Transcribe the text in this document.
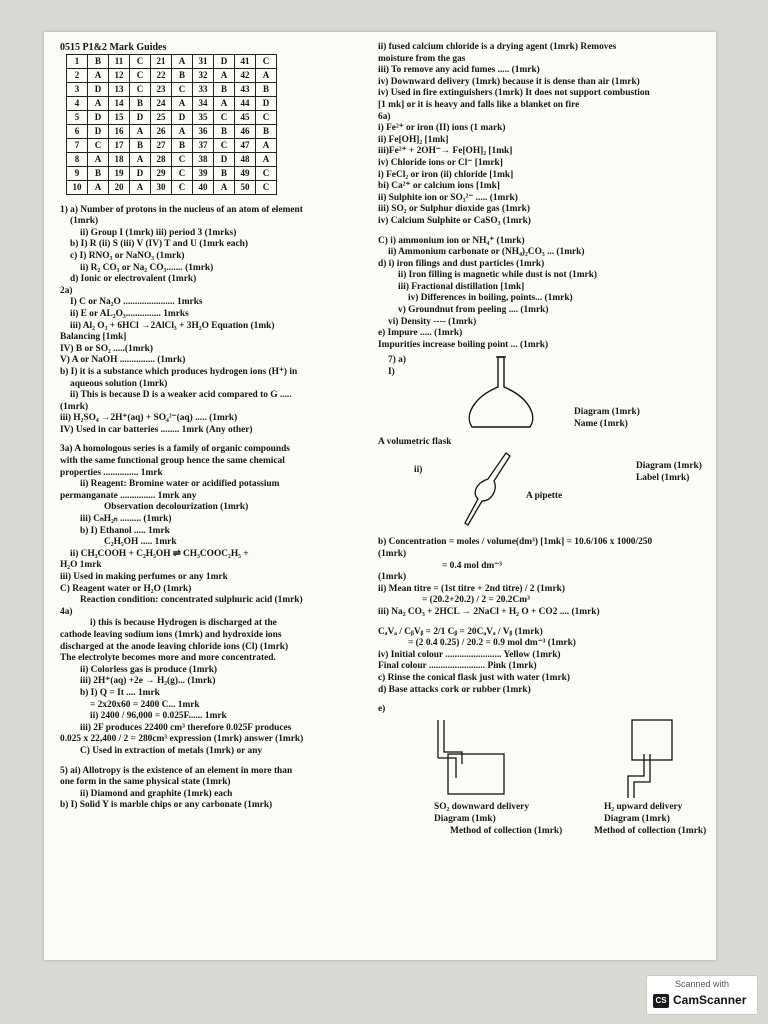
0515 P1&2 Mark Guides

1	B	11	C	21	A	31	D	41	C
2	A	12	C	22	B	32	A	42	A
3	D	13	C	23	C	33	B	43	B
4	A	14	B	24	A	34	A	44	D
5	D	15	D	25	D	35	C	45	C
6	D	16	A	26	A	36	B	46	B
7	C	17	B	27	B	37	C	47	A
8	A	18	A	28	C	38	D	48	A
9	B	19	D	29	C	39	B	49	C
10	A	20	A	30	C	40	A	50	C

1) a) Number of protons in the nucleus of an atom of element

(1mrk)

ii) Group I (1mrk) iii) period 3 (1mrks)

b) I) R (ii) S (iii) V (IV) T and U (1mrk each)

c) I) RNO₃ or NaNO₃ (1mrk)

ii) R₂ CO₃ or Na₂ CO₃....... (1mrk)

d) Ionic or electrovalent (1mrk)

2a)

I) C or Na₂O ...................... 1mrks

ii) E or AL₂O₃............... 1mrks

iii) Al₂ O₃ + 6HCl →2AlCl₃ + 3H₂O Equation (1mk)

Balancing [1mk]

IV) B or SO₂ .....(1mrk)

V) A or NaOH ............... (1mrk)

b) I) it is a substance which produces hydrogen ions (H⁺) in

aqueous solution (1mrk)

ii) This is because D is a weaker acid compared to G .....

(1mrk)

iii) H₂SO₄ →2H⁺(aq) + SO₄²⁻(aq) ..... (1mrk)

IV) Used in car batteries ........ 1mrk (Any other)

3a) A homologous series is a family of organic compounds

with the same functional group hence the same chemical

properties ............... 1mrk

ii) Reagent: Bromine water or acidified potassium

permanganate ............... 1mrk any

Observation decolourization (1mrk)

iii) CₙH₂ₙ ......... (1mrk)

b) I) Ethanol ..... 1mrk

C₂H₅OH ..... 1mrk

ii) CH₃COOH + C₂H₅OH ⇌ CH₃COOC₂H₅ +

H₂O 1mrk

iii) Used in making perfumes or any 1mrk

C) Reagent water or H₂O (1mrk)

Reaction condition: concentrated sulphuric acid (1mrk)

4a)

i) this is because Hydrogen is discharged at the

cathode leaving sodium ions (1mrk) and hydroxide ions

discharged at the anode leaving chloride ions (Cl) (1mrk)

The electrolyte becomes more and more concentrated.

ii) Colorless gas is produce (1mrk)

iii) 2H⁺(aq) +2e → H₂(g)... (1mrk)

b) I) Q = It .... 1mrk

= 2x20x60 = 2400 C... 1mrk

ii) 2400 / 96,000 = 0.025F...... 1mrk

iii) 2F produces 22400 cm³ therefore 0.025F produces

0.025 x 22,400 / 2 = 280cm³ expression (1mrk) answer (1mrk)

C) Used in extraction of metals (1mrk) or any

5) ai) Allotropy is the existence of an element in more than

one form in the same physical state (1mrk)

ii) Diamond and graphite (1mrk) each

b) I) Solid Y is marble chips or any carbonate (1mrk)

ii) fused calcium chloride is a drying agent (1mrk) Removes

moisture from the gas

iii) To remove any acid fumes ..... (1mrk)

iv) Downward delivery (1mrk) because it is dense than air (1mrk)

iv) Used in fire extinguishers (1mrk) It does not support combustion

[1 mk] or it is heavy and falls like a blanket on fire

6a)

i) Fe²⁺ or iron (II) ions (1 mark)

ii) Fe[OH]₂ [1mk]

iii)Fe²⁺ + 2OH⁻→ Fe[OH]₂ [1mk]

iv) Chloride ions or Cl⁻ [1mrk]

i) FeCl₂ or iron (ii) chloride [1mk]

bi) Ca²⁺ or calcium ions [1mk]

ii) Sulphite ion or SO₃²⁻ ..... (1mrk)

iii) SO₂ or Sulphur dioxide gas (1mrk)

iv) Calcium Sulphite or CaSO₃ (1mrk)

C) i) ammonium ion or NH₄⁺ (1mrk)

ii) Ammonium carbonate or (NH₄)₂CO₃ ... (1mrk)

d) i) iron filings and dust particles (1mrk)

ii) Iron filling is magnetic while dust is not (1mrk)

iii) Fractional distillation [1mk]

iv) Differences in boiling, points... (1mrk)

v) Groundnut from peeling .... (1mrk)

vi) Density ---- (1mrk)

e) Impure ..... (1mrk)

Impurities increase boiling point ... (1mrk)

7) a)

I)

A volumetric flask

Diagram (1mrk)

Name (1mrk)

ii)

A pipette

Diagram (1mrk)

Label (1mrk)

b) Concentration = moles / volume(dm³) [1mk] = 10.6/106 x 1000/250

(1mrk)

= 0.4 mol dm⁻³

(1mrk)

ii) Mean titre = (1st titre + 2nd titre) / 2 (1mrk)

= (20.2+20.2) / 2 = 20.2Cm³

iii) Na₂ CO₃ + 2HCL → 2NaCl + H₂ O + CO2 .... (1mrk)

CₐVₐ / CᵦVᵦ = 2/1 Cᵦ = 20CₐVₐ / Vᵦ (1mrk)

= (2 0.4 0.25) / 20.2 = 0.9 mol dm⁻³ (1mrk)

iv) Initial colour ........................ Yellow (1mrk)

Final colour ........................ Pink (1mrk)

c) Rinse the conical flask just with water (1mrk)

d) Base attacks cork or rubber (1mrk)

e)

SO₂ downward delivery

Diagram (1mk)

Method of collection (1mrk)

H₂ upward delivery

Diagram (1mrk)

Method of collection (1mrk)

Scanned with
CS CamScanner
